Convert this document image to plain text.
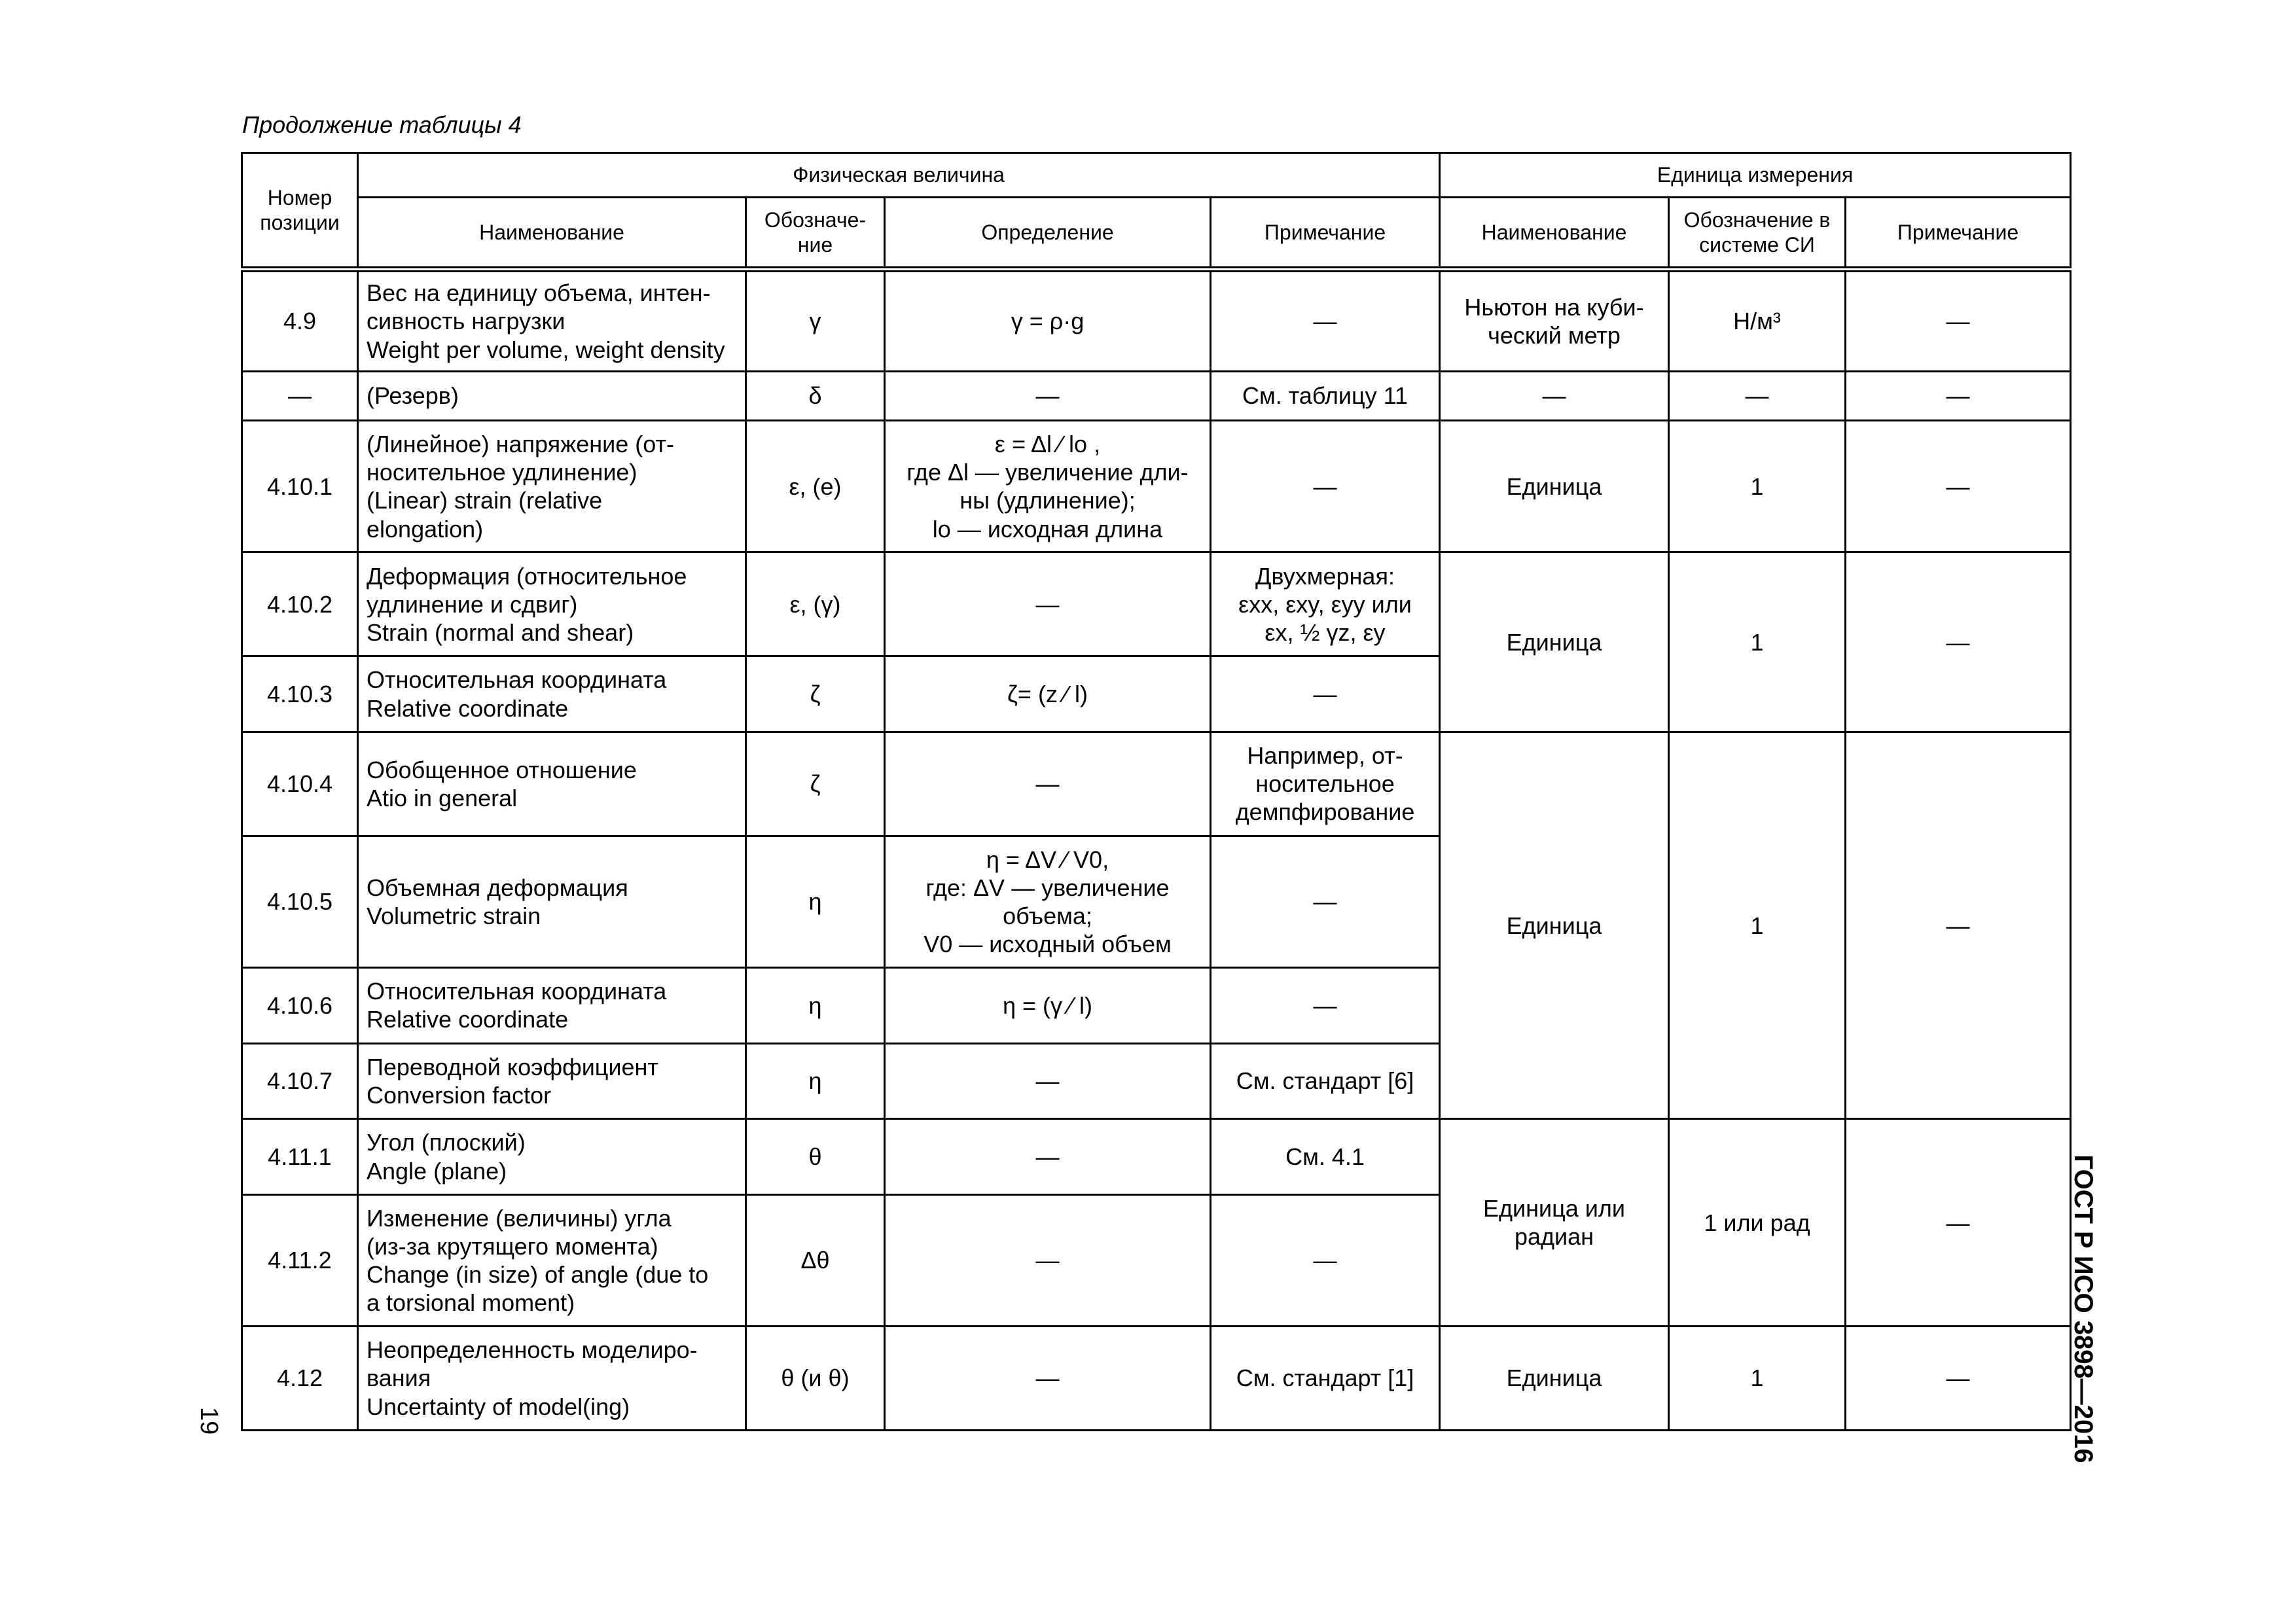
Продолжение таблицы 4
Номер позиции	Физическая величина				Единица измерения		
	Наименование	Обозначе-ние	Определение	Примечание	Наименование	Обозначение в системе СИ	Примечание
4.9	Вес на единицу объема, интен-
сивность нагрузки
Weight per volume, weight density	γ	γ = ρ·g	—	Ньютон на куби-
ческий метр	Н/м³	—
—	(Резерв)	δ	—	См. таблицу 11	—	—	—
4.10.1	(Линейное) напряжение (от-
носительное удлинение)
(Linear) strain (relative
elongation)	ε, (e)	ε = Δl ⁄ lo ,
где Δl — увеличение дли-
ны (удлинение);
lo — исходная длина	—	Единица	1	—
4.10.2	Деформация (относительное
удлинение и сдвиг)
Strain (normal and shear)	ε, (γ)	—	Двухмерная:
εxx, εxy, εyy или
εx, ½ γz, εy	Единица	1	—
4.10.3	Относительная координата
Relative coordinate	ζ	ζ= (z ⁄ l)	—			
4.10.4	Обобщенное отношение
Atio in general	ζ	—	Например, от-
носительное
демпфирование	Единица	1	—
4.10.5	Объемная деформация
Volumetric strain	η	η = ΔV ⁄ V0,
где: ΔV — увеличение
объема;
V0 — исходный объем	—			
4.10.6	Относительная координата
Relative coordinate	η	η = (γ ⁄ l)	—			
4.10.7	Переводной коэффициент
Conversion factor	η	—	См. стандарт [6]			
4.11.1	Угол (плоский)
Angle (plane)	θ	—	См. 4.1	Единица или
радиан	1 или рад	—
4.11.2	Изменение (величины) угла
(из-за крутящего момента)
Change (in size) of angle (due to
a torsional moment)	Δθ	—	—			
4.12	Неопределенность моделиро-
вания
Uncertainty of model(ing)	θ (и θ)	—	См. стандарт [1]	Единица	1	—	ГОСТ Р ИСО 3898—2016
19
